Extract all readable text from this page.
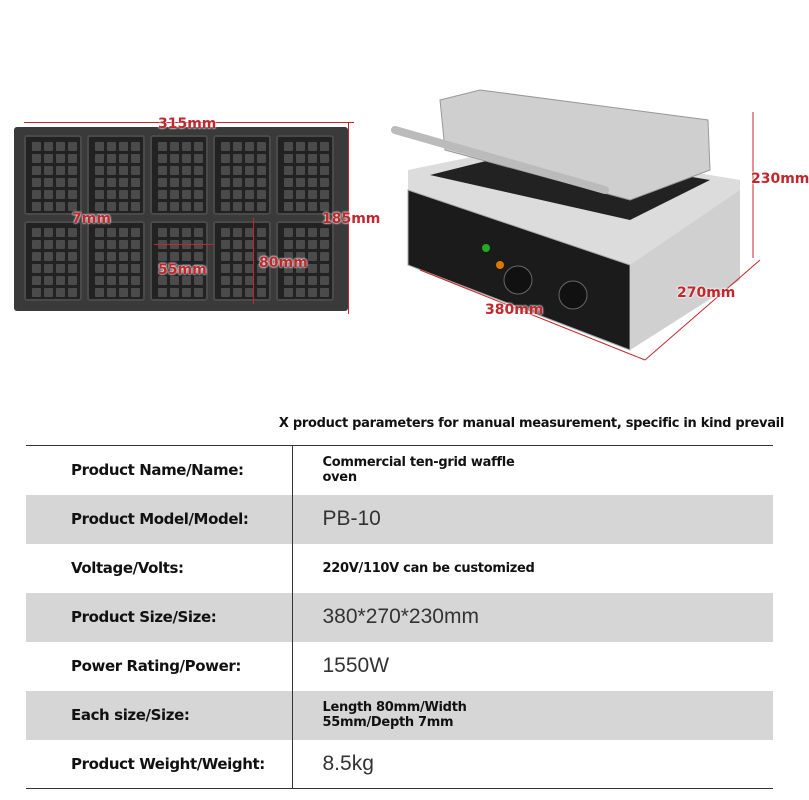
315mm
185mm
7mm
55mm	80mm
230mm
270mm
380mm
X product parameters for manual measurement, specific in kind prevail
Product Name/Name:	Commercial ten-grid waffle oven

Product Model/Model:	PB-10
Voltage/Volts:	220V/110V can be customized

Product Size/Size:	380*270*230mm
Power Rating/Power:	1550W
Each size/Size:	Length 80mm/Width 55mm/Depth 7mm

Product Weight/Weight:	8.5kg
